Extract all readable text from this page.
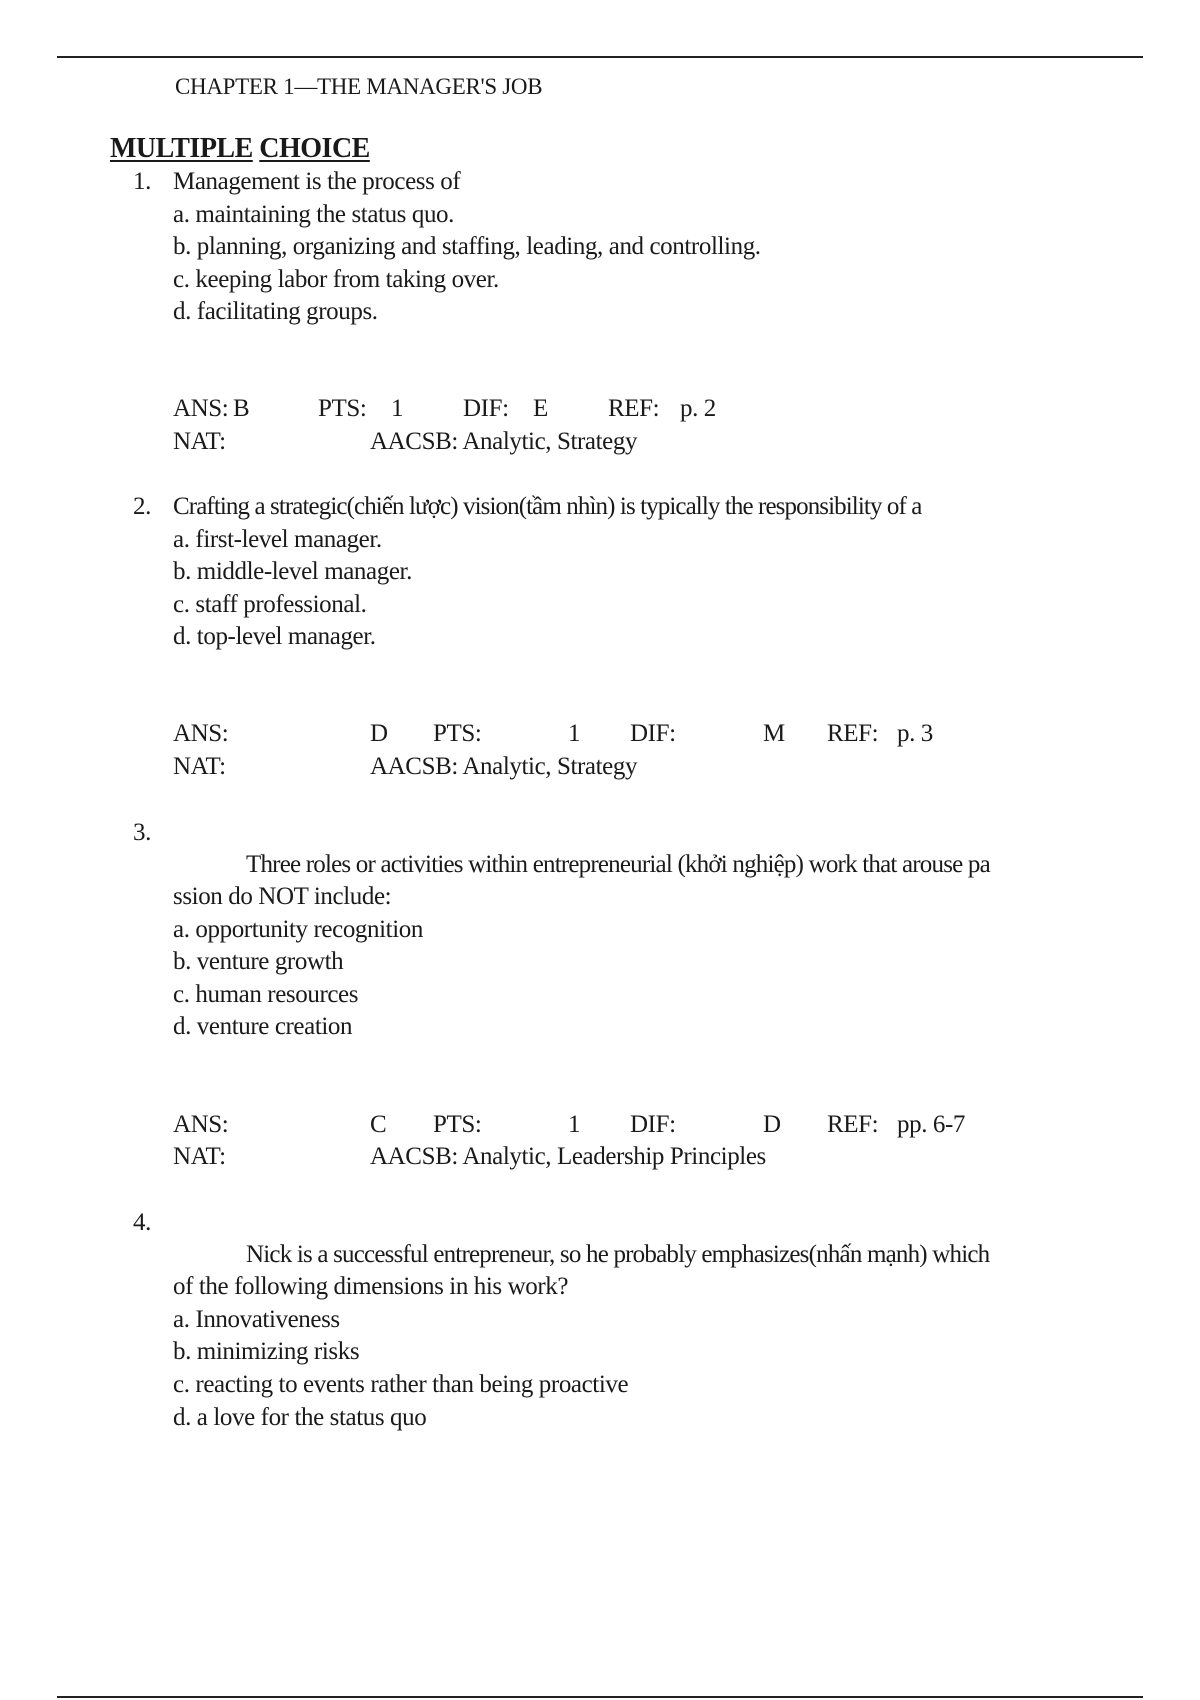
CHAPTER 1—THE MANAGER'S JOB
MULTIPLE CHOICE
1. Management is the process of
a. maintaining the status quo.
b. planning, organizing and staffing, leading, and controlling.
c. keeping labor from taking over.
d. facilitating groups.
ANS: B	PTS: 1 DIF: E REF: p. 2
NAT:	AACSB: Analytic, Strategy
2. Crafting a strategic(chiến lược) vision(tầm nhìn) is typically the responsibility of a
a. first-level manager.
b. middle-level manager.
c. staff professional.
d. top-level manager.
ANS:	D PTS:	1 DIF:	M REF: p. 3
NAT:	AACSB: Analytic, Strategy
3.
Three roles or activities within entrepreneurial (khởi nghiệp) work that arouse pa
ssion do NOT include:
a. opportunity recognition
b. venture growth
c. human resources
d. venture creation
ANS:	C PTS:	1 DIF:	D REF: pp. 6-7
NAT:	AACSB: Analytic, Leadership Principles
4.
Nick is a successful entrepreneur, so he probably emphasizes(nhấn mạnh) which
of the following dimensions in his work?
a. Innovativeness
b. minimizing risks
c. reacting to events rather than being proactive
d. a love for the status quo
